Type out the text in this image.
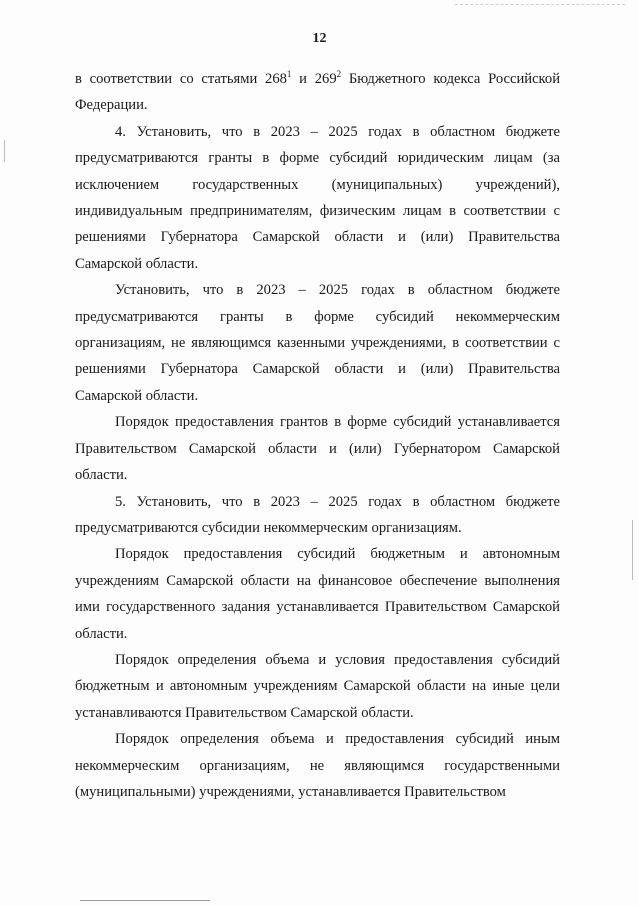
12

в соответствии со статьями $268^1$ и $269^2$ Бюджетного кодекса Российской Федерации.

4. Установить, что в 2023 – 2025 годах в областном бюджете предусматриваются гранты в форме субсидий юридическим лицам (за исключением государственных (муниципальных) учреждений), индивидуальным предпринимателям, физическим лицам в соответствии с решениями Губернатора Самарской области и (или) Правительства Самарской области.

Установить, что в 2023 – 2025 годах в областном бюджете предусматриваются гранты в форме субсидий некоммерческим организациям, не являющимся казенными учреждениями, в соответствии с решениями Губернатора Самарской области и (или) Правительства Самарской области.

Порядок предоставления грантов в форме субсидий устанавливается Правительством Самарской области и (или) Губернатором Самарской области.

5. Установить, что в 2023 – 2025 годах в областном бюджете предусматриваются субсидии некоммерческим организациям.

Порядок предоставления субсидий бюджетным и автономным учреждениям Самарской области на финансовое обеспечение выполнения ими государственного задания устанавливается Правительством Самарской области.

Порядок определения объема и условия предоставления субсидий бюджетным и автономным учреждениям Самарской области на иные цели устанавливаются Правительством Самарской области.

Порядок определения объема и предоставления субсидий иным некоммерческим организациям, не являющимся государственными (муниципальными) учреждениями, устанавливается Правительством
